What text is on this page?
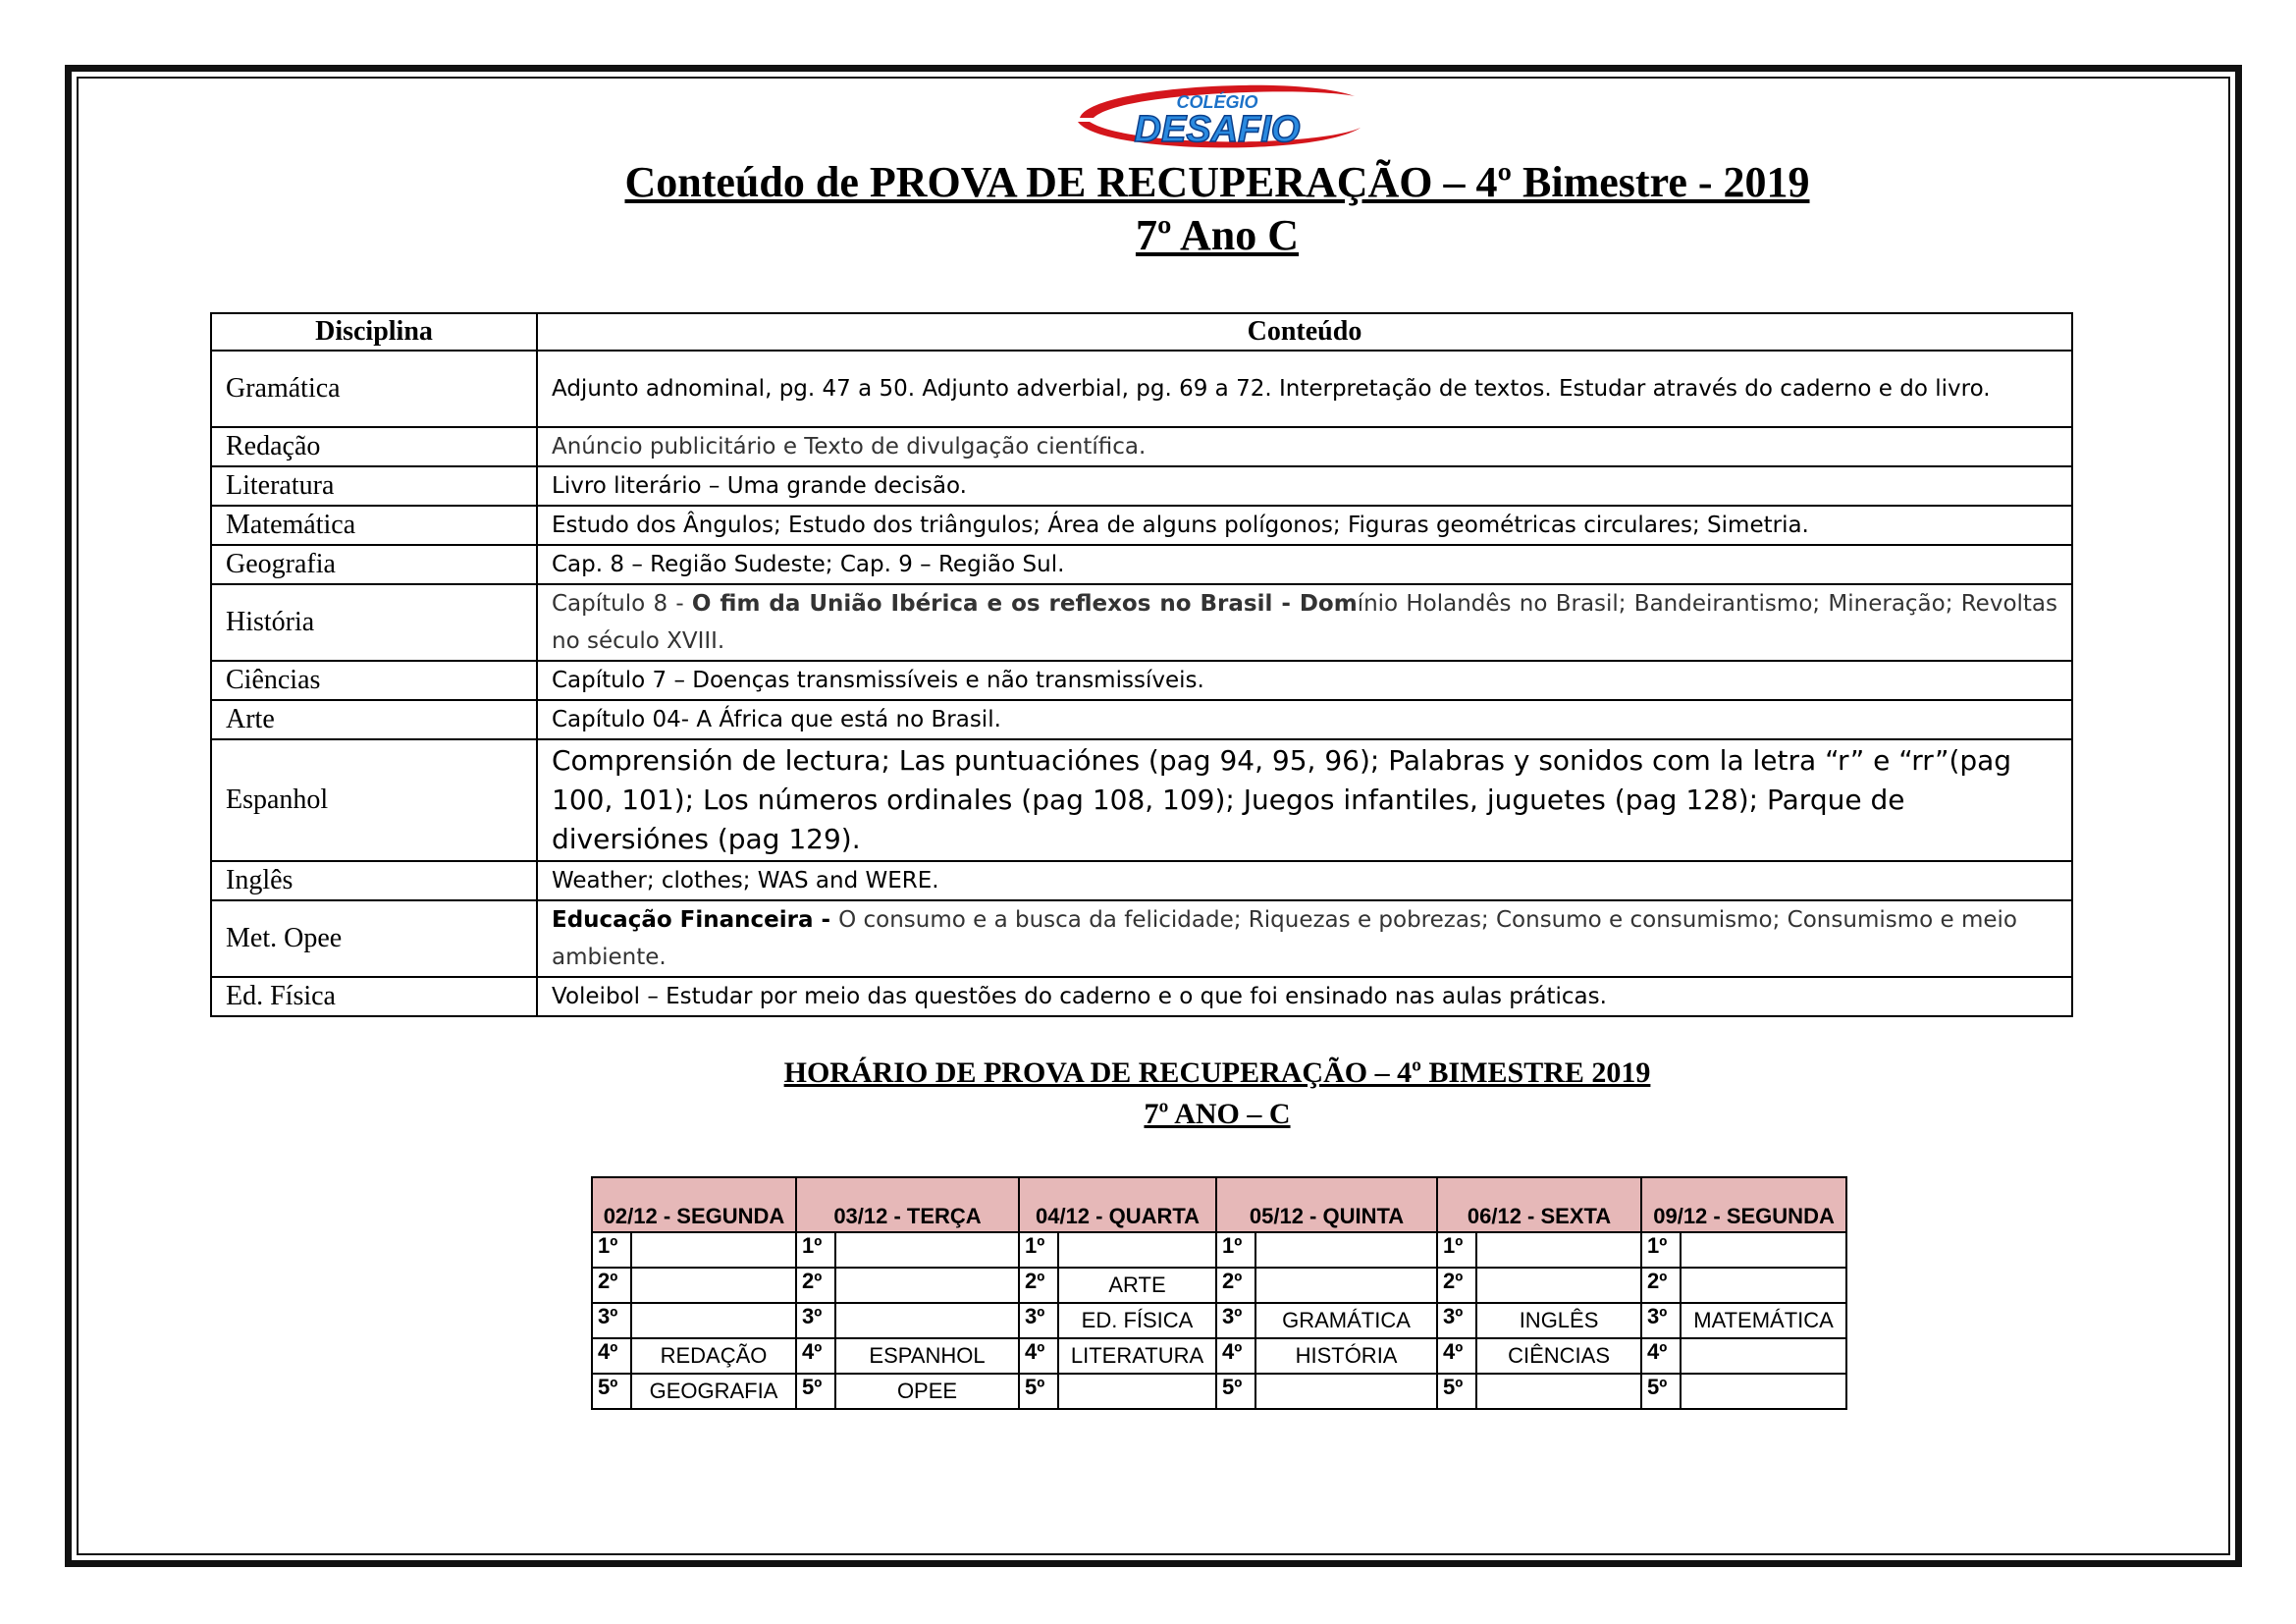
COLÉGIO
DESAFIO
Conteúdo de PROVA DE RECUPERAÇÃO – 4º Bimestre - 2019
7º Ano C
Disciplina	Conteúdo
Gramática	Adjunto adnominal, pg. 47 a 50. Adjunto adverbial, pg. 69 a 72. Interpretação de textos. Estudar através do caderno e do livro.
Redação	Anúncio publicitário e Texto de divulgação científica.
Literatura	Livro literário – Uma grande decisão.
Matemática	Estudo dos Ângulos; Estudo dos triângulos; Área de alguns polígonos; Figuras geométricas circulares; Simetria.
Geografia	Cap. 8 – Região Sudeste; Cap. 9 – Região Sul.
História	Capítulo 8 - O fim da União Ibérica e os reflexos no Brasil - Domínio Holandês no Brasil; Bandeirantismo; Mineração; Revoltas no século XVIII.
Ciências	Capítulo 7 – Doenças transmissíveis e não transmissíveis.
Arte	Capítulo 04- A África que está no Brasil.
Espanhol	Comprensión de lectura; Las puntuaciónes (pag 94, 95, 96); Palabras y sonidos com la letra “r” e “rr”(pag 100, 101); Los números ordinales (pag 108, 109); Juegos infantiles, juguetes (pag 128); Parque de diversiónes (pag 129).
Inglês	Weather; clothes; WAS and WERE.
Met. Opee	Educação Financeira - O consumo e a busca da felicidade; Riquezas e pobrezas; Consumo e consumismo; Consumismo e meio ambiente.
Ed. Física	Voleibol – Estudar por meio das questões do caderno e o que foi ensinado nas aulas práticas.
HORÁRIO DE PROVA DE RECUPERAÇÃO – 4º BIMESTRE 2019
7º ANO – C
02/12 - SEGUNDA		03/12 - TERÇA		04/12 - QUARTA		05/12 - QUINTA		06/12 - SEXTA		09/12 - SEGUNDA	
1º		1º		1º		1º		1º		1º	
2º		2º		2º	ARTE	2º		2º		2º	
3º		3º		3º	ED. FÍSICA	3º	GRAMÁTICA	3º	INGLÊS	3º	MATEMÁTICA
4º	REDAÇÃO	4º	ESPANHOL	4º	LITERATURA	4º	HISTÓRIA	4º	CIÊNCIAS	4º	
5º	GEOGRAFIA	5º	OPEE	5º		5º		5º		5º	
